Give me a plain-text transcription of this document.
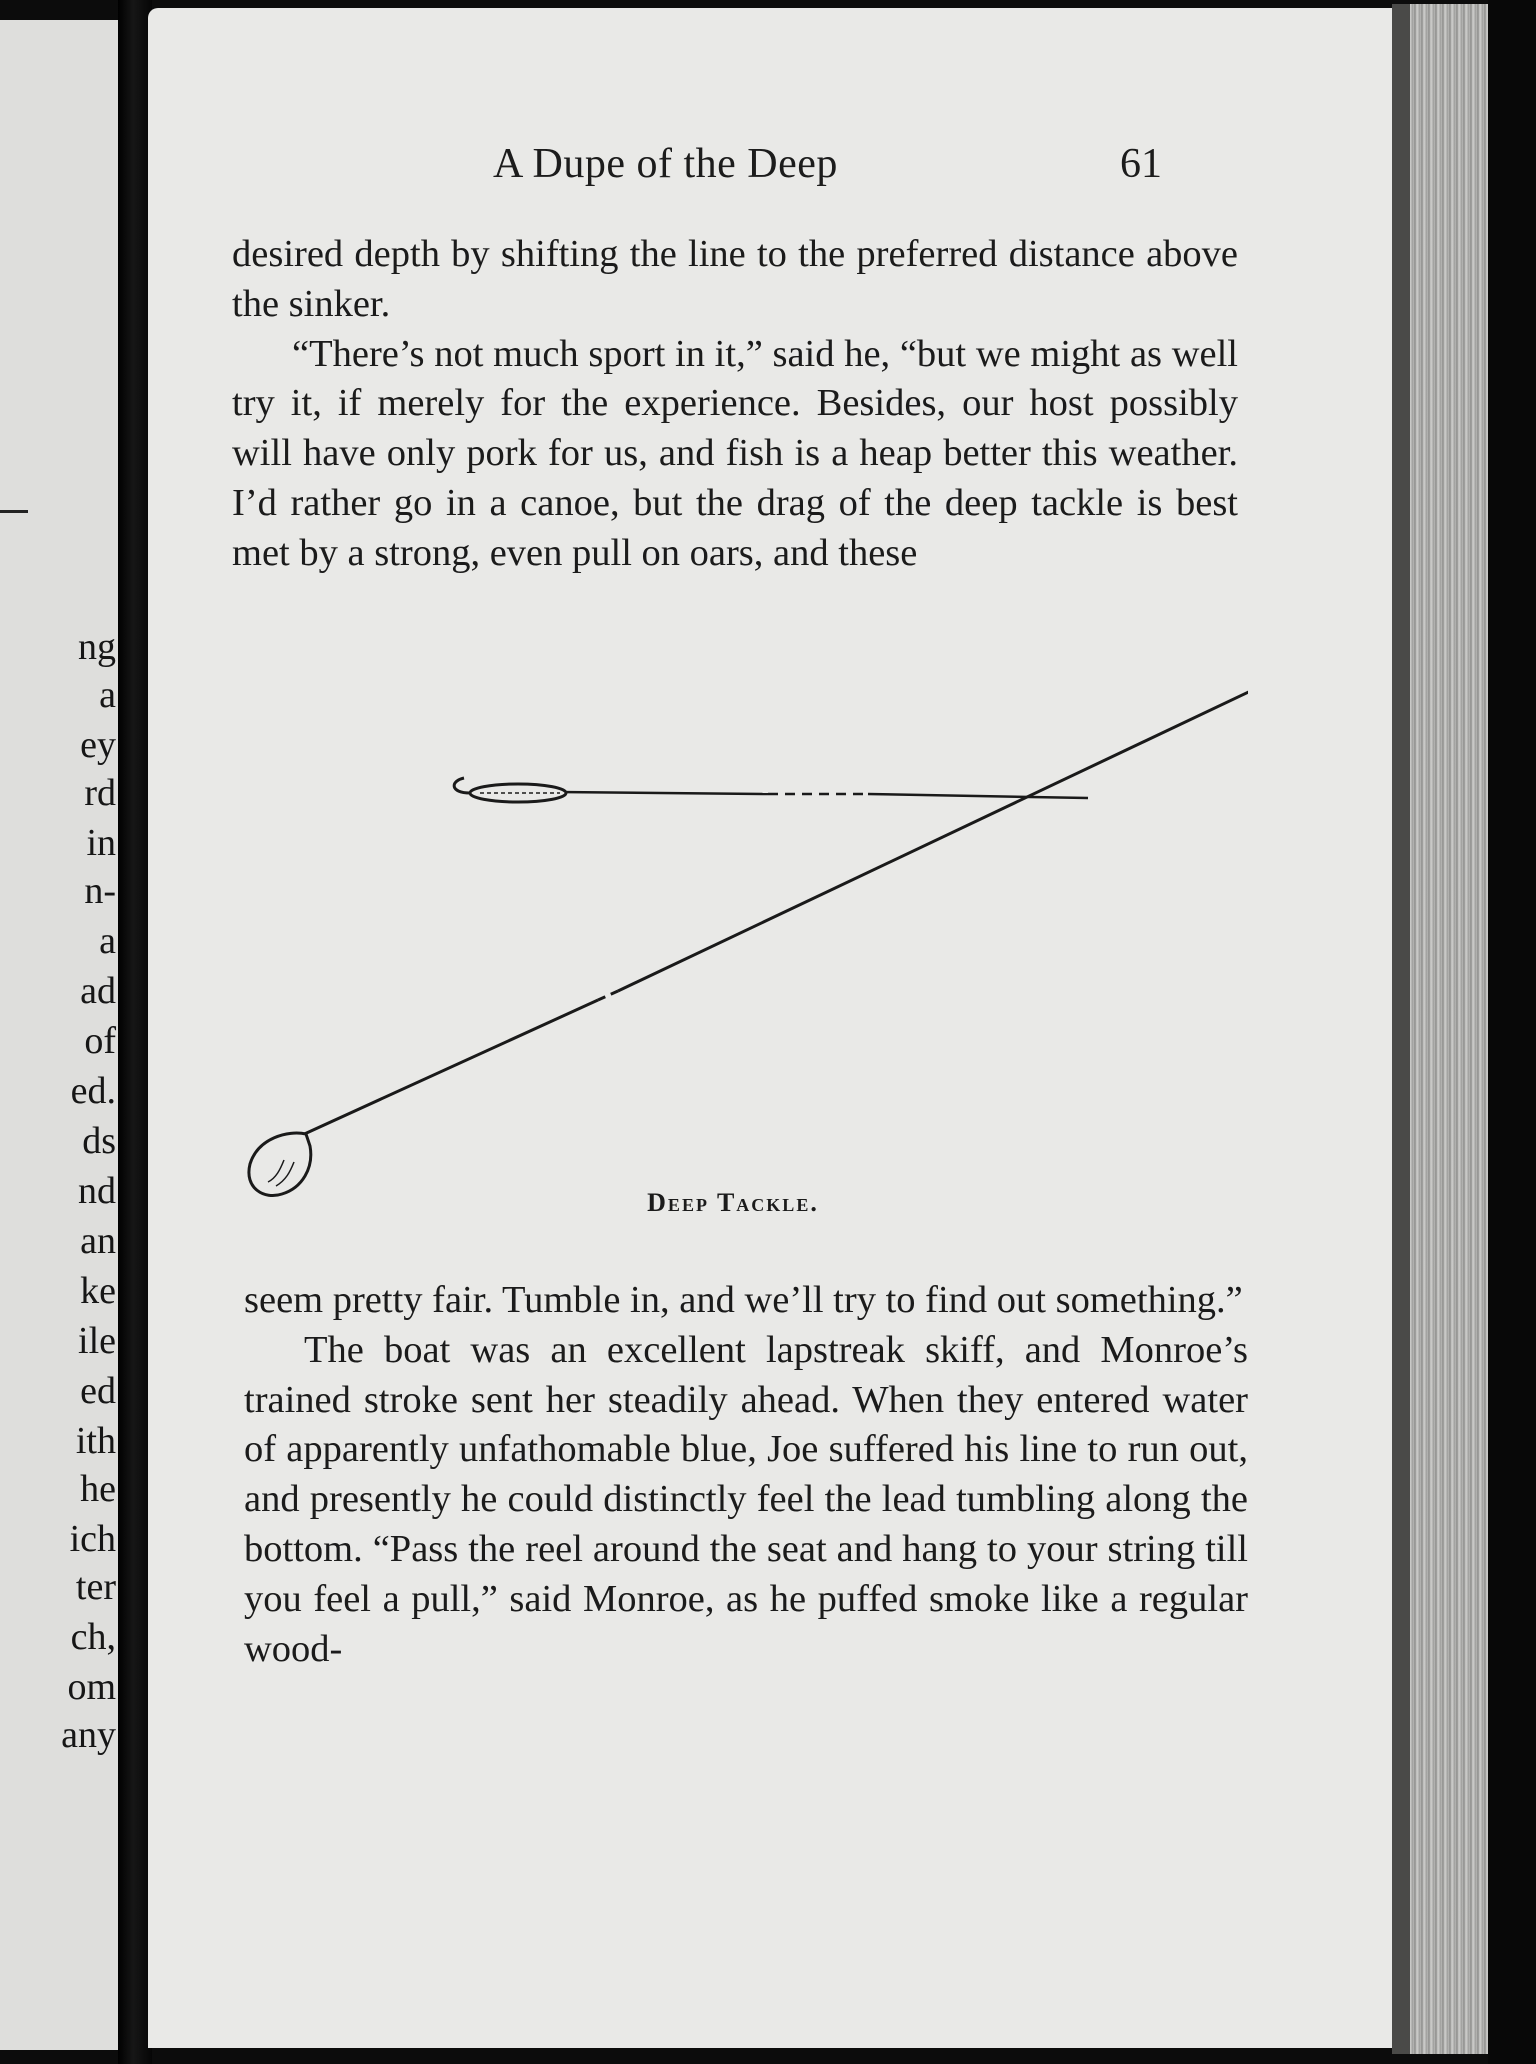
ng
a
ey
rd
in
n-
a
ad
of
ed.
ds
nd
an
ke
ile
ed
ith
he
ich
ter
ch,
om
any
A Dupe of the Deep	61

desired depth by shifting the line to the preferred distance above the sinker.

“There’s not much sport in it,” said he, “but we might as well try it, if merely for the experience. Besides, our host possibly will have only pork for us, and fish is a heap better this weather. I’d rather go in a canoe, but the drag of the deep tackle is best met by a strong, even pull on oars, and these

Deep Tackle.

seem pretty fair. Tumble in, and we’ll try to find out something.”

The boat was an excellent lapstreak skiff, and Monroe’s trained stroke sent her steadily ahead. When they entered water of apparently unfathomable blue, Joe suffered his line to run out, and presently he could distinctly feel the lead tumbling along the bottom. “Pass the reel around the seat and hang to your string till you feel a pull,” said Monroe, as he puffed smoke like a regular wood-
